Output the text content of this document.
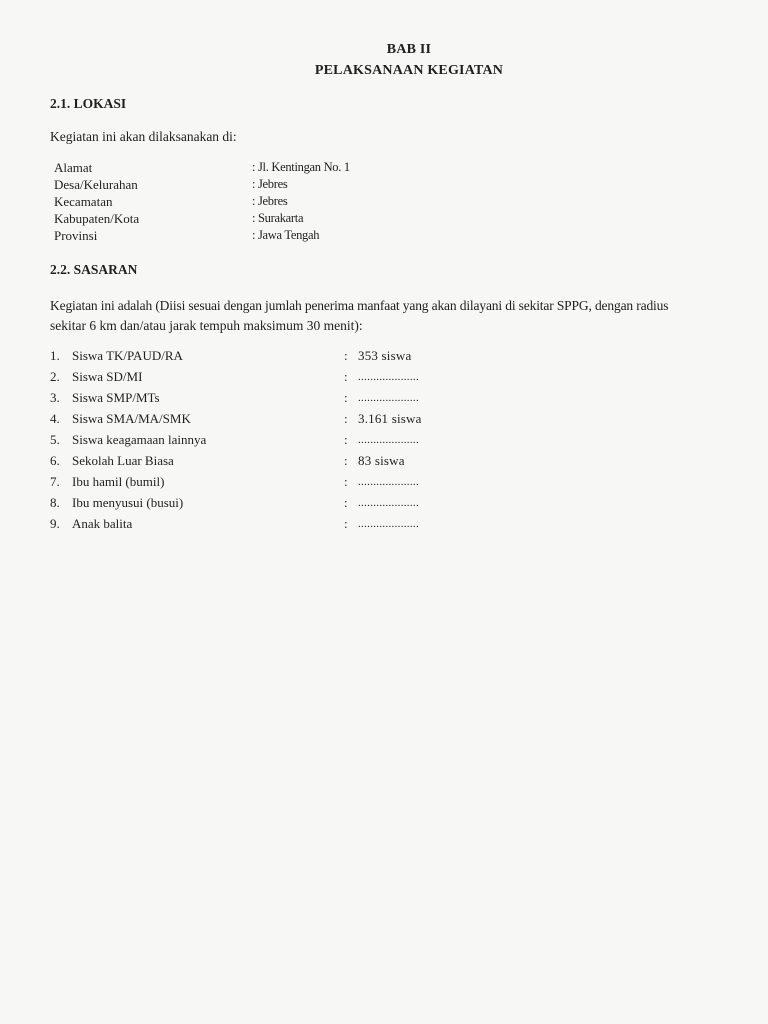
BAB II
PELAKSANAAN KEGIATAN
2.1. LOKASI
Kegiatan ini akan dilaksanakan di:
Alamat	: Jl. Kentingan No. 1
Desa/Kelurahan	: Jebres
Kecamatan	: Jebres
Kabupaten/Kota	: Surakarta
Provinsi	: Jawa Tengah
2.2. SASARAN
Kegiatan ini adalah (Diisi sesuai dengan jumlah penerima manfaat yang akan dilayani di sekitar SPPG, dengan radius
sekitar 6 km dan/atau jarak tempuh maksimum 30 menit):
1. Siswa TK/PAUD/RA	: 353 siswa
2. Siswa SD/MI	: ....................
3. Siswa SMP/MTs	: ....................
4. Siswa SMA/MA/SMK	: 3.161 siswa
5. Siswa keagamaan lainnya	: ....................
6. Sekolah Luar Biasa	: 83 siswa
7. Ibu hamil (bumil)	: ....................
8. Ibu menyusui (busui)	: ....................
9. Anak balita	: ....................
